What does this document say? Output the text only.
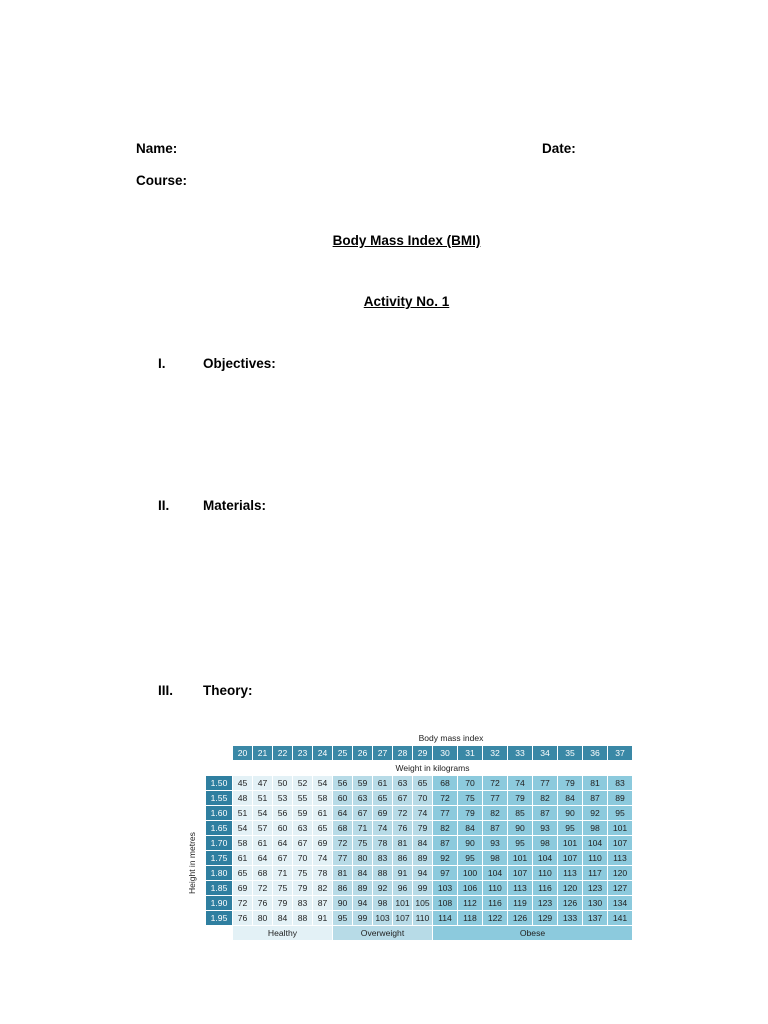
Name:	Date:
Course:
Body Mass Index (BMI)
Activity No. 1
I.	Objectives:
II. Materials:
III. Theory:
Body mass index
Height in metres
	20	21	22	23	24	25	26	27	28	29	30	31	32	33	34	35	36	37
	Weight in kilograms																	
1.50	45	47	50	52	54	56	59	61	63	65	68	70	72	74	77	79	81	83
1.55	48	51	53	55	58	60	63	65	67	70	72	75	77	79	82	84	87	89
1.60	51	54	56	59	61	64	67	69	72	74	77	79	82	85	87	90	92	95
1.65	54	57	60	63	65	68	71	74	76	79	82	84	87	90	93	95	98	101
1.70	58	61	64	67	69	72	75	78	81	84	87	90	93	95	98	101	104	107
1.75	61	64	67	70	74	77	80	83	86	89	92	95	98	101	104	107	110	113
1.80	65	68	71	75	78	81	84	88	91	94	97	100	104	107	110	113	117	120
1.85	69	72	75	79	82	86	89	92	96	99	103	106	110	113	116	120	123	127
1.90	72	76	79	83	87	90	94	98	101	105	108	112	116	119	123	126	130	134
1.95	76	80	84	88	91	95	99	103	107	110	114	118	122	126	129	133	137	141
	Healthy					Overweight					Obese							
